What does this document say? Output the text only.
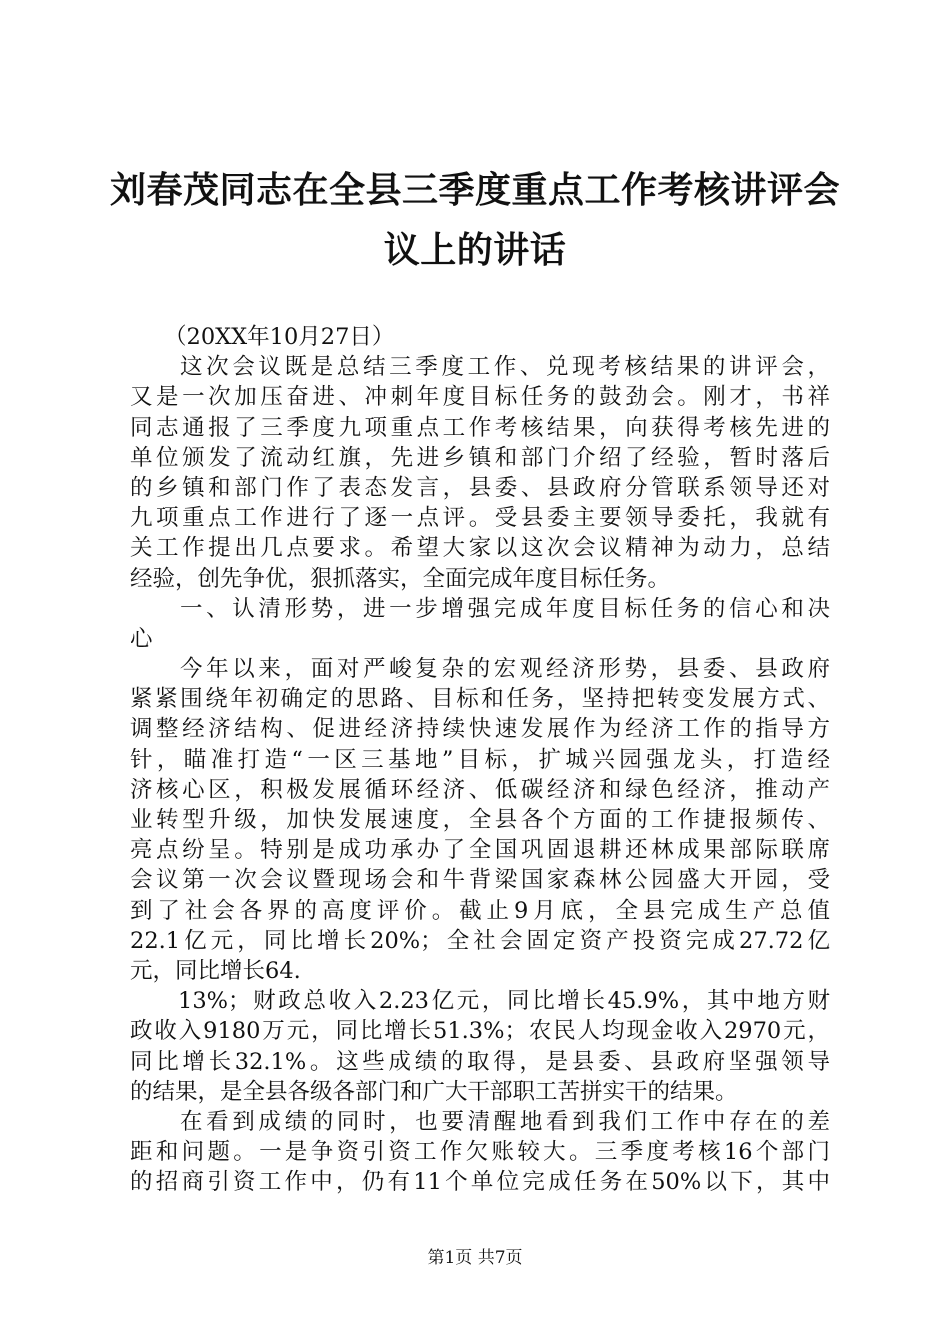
刘春茂同志在全县三季度重点工作考核讲评会
议上的讲话
（20XX年10月27日）
这次会议既是总结三季度工作、兑现考核结果的讲评会，
又是一次加压奋进、冲刺年度目标任务的鼓劲会。刚才，书祥
同志通报了三季度九项重点工作考核结果，向获得考核先进的
单位颁发了流动红旗，先进乡镇和部门介绍了经验，暂时落后
的乡镇和部门作了表态发言，县委、县政府分管联系领导还对
九项重点工作进行了逐一点评。受县委主要领导委托，我就有
关工作提出几点要求。希望大家以这次会议精神为动力，总结
经验，创先争优，狠抓落实，全面完成年度目标任务。
一、认清形势，进一步增强完成年度目标任务的信心和决
心
今年以来，面对严峻复杂的宏观经济形势，县委、县政府
紧紧围绕年初确定的思路、目标和任务，坚持把转变发展方式、
调整经济结构、促进经济持续快速发展作为经济工作的指导方
针，瞄准打造“一区三基地”目标，扩城兴园强龙头，打造经
济核心区，积极发展循环经济、低碳经济和绿色经济，推动产
业转型升级，加快发展速度，全县各个方面的工作捷报频传、
亮点纷呈。特别是成功承办了全国巩固退耕还林成果部际联席
会议第一次会议暨现场会和牛背梁国家森林公园盛大开园，受
到了社会各界的高度评价。截止9月底，全县完成生产总值
22.1亿元，同比增长20%；全社会固定资产投资完成27.72亿
元，同比增长64.
13%；财政总收入2.23亿元，同比增长45.9%，其中地方财
政收入9180万元，同比增长51.3%；农民人均现金收入2970元，
同比增长32.1%。这些成绩的取得，是县委、县政府坚强领导
的结果，是全县各级各部门和广大干部职工苦拼实干的结果。
在看到成绩的同时，也要清醒地看到我们工作中存在的差
距和问题。一是争资引资工作欠账较大。三季度考核16个部门
的招商引资工作中，仍有11个单位完成任务在50%以下，其中
第1页 共7页
